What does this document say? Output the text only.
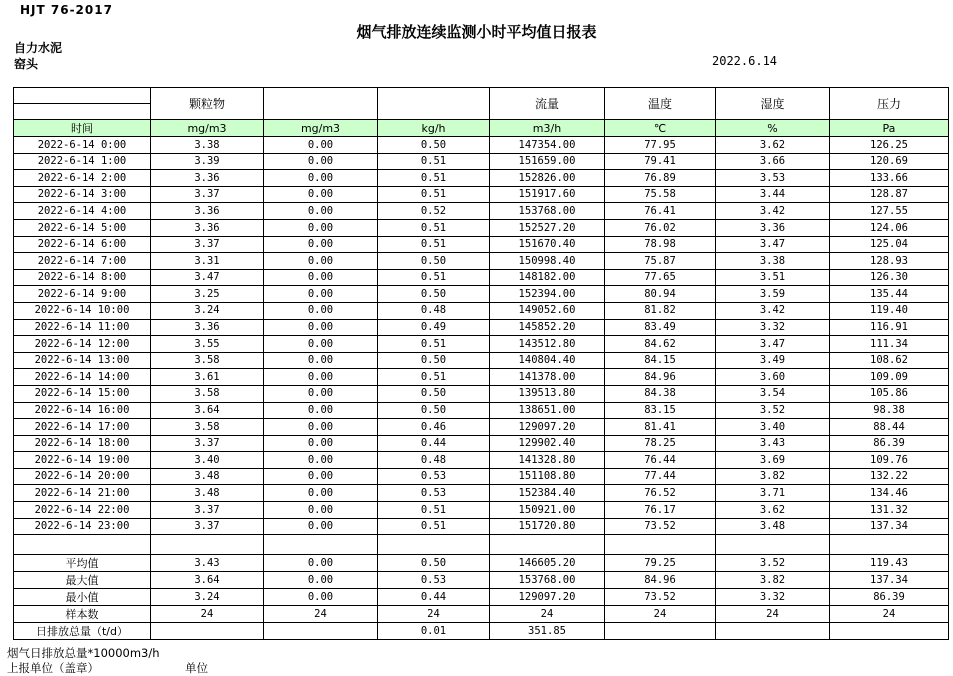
HJT 76-2017
烟气排放连续监测小时平均值日报表
自力水泥
窑头	2022.6.14
	颗粒物			流量	温度	湿度	压力
时间	mg/m3	mg/m3	kg/h	m3/h	℃	%	Pa
2022-6-14 0:00	3.38	0.00	0.50	147354.00	77.95	3.62	126.25
2022-6-14 1:00	3.39	0.00	0.51	151659.00	79.41	3.66	120.69
2022-6-14 2:00	3.36	0.00	0.51	152826.00	76.89	3.53	133.66
2022-6-14 3:00	3.37	0.00	0.51	151917.60	75.58	3.44	128.87
2022-6-14 4:00	3.36	0.00	0.52	153768.00	76.41	3.42	127.55
2022-6-14 5:00	3.36	0.00	0.51	152527.20	76.02	3.36	124.06
2022-6-14 6:00	3.37	0.00	0.51	151670.40	78.98	3.47	125.04
2022-6-14 7:00	3.31	0.00	0.50	150998.40	75.87	3.38	128.93
2022-6-14 8:00	3.47	0.00	0.51	148182.00	77.65	3.51	126.30
2022-6-14 9:00	3.25	0.00	0.50	152394.00	80.94	3.59	135.44
2022-6-14 10:00	3.24	0.00	0.48	149052.60	81.82	3.42	119.40
2022-6-14 11:00	3.36	0.00	0.49	145852.20	83.49	3.32	116.91
2022-6-14 12:00	3.55	0.00	0.51	143512.80	84.62	3.47	111.34
2022-6-14 13:00	3.58	0.00	0.50	140804.40	84.15	3.49	108.62
2022-6-14 14:00	3.61	0.00	0.51	141378.00	84.96	3.60	109.09
2022-6-14 15:00	3.58	0.00	0.50	139513.80	84.38	3.54	105.86
2022-6-14 16:00	3.64	0.00	0.50	138651.00	83.15	3.52	98.38
2022-6-14 17:00	3.58	0.00	0.46	129097.20	81.41	3.40	88.44
2022-6-14 18:00	3.37	0.00	0.44	129902.40	78.25	3.43	86.39
2022-6-14 19:00	3.40	0.00	0.48	141328.80	76.44	3.69	109.76
2022-6-14 20:00	3.48	0.00	0.53	151108.80	77.44	3.82	132.22
2022-6-14 21:00	3.48	0.00	0.53	152384.40	76.52	3.71	134.46
2022-6-14 22:00	3.37	0.00	0.51	150921.00	76.17	3.62	131.32
2022-6-14 23:00	3.37	0.00	0.51	151720.80	73.52	3.48	137.34

平均值	3.43	0.00	0.50	146605.20	79.25	3.52	119.43
最大值	3.64	0.00	0.53	153768.00	84.96	3.82	137.34
最小值	3.24	0.00	0.44	129097.20	73.52	3.32	86.39
样本数	24	24	24	24	24	24	24
日排放总量（t/d）			0.01	351.85			
烟气日排放总量*10000m3/h
上报单位（盖章）	单位
